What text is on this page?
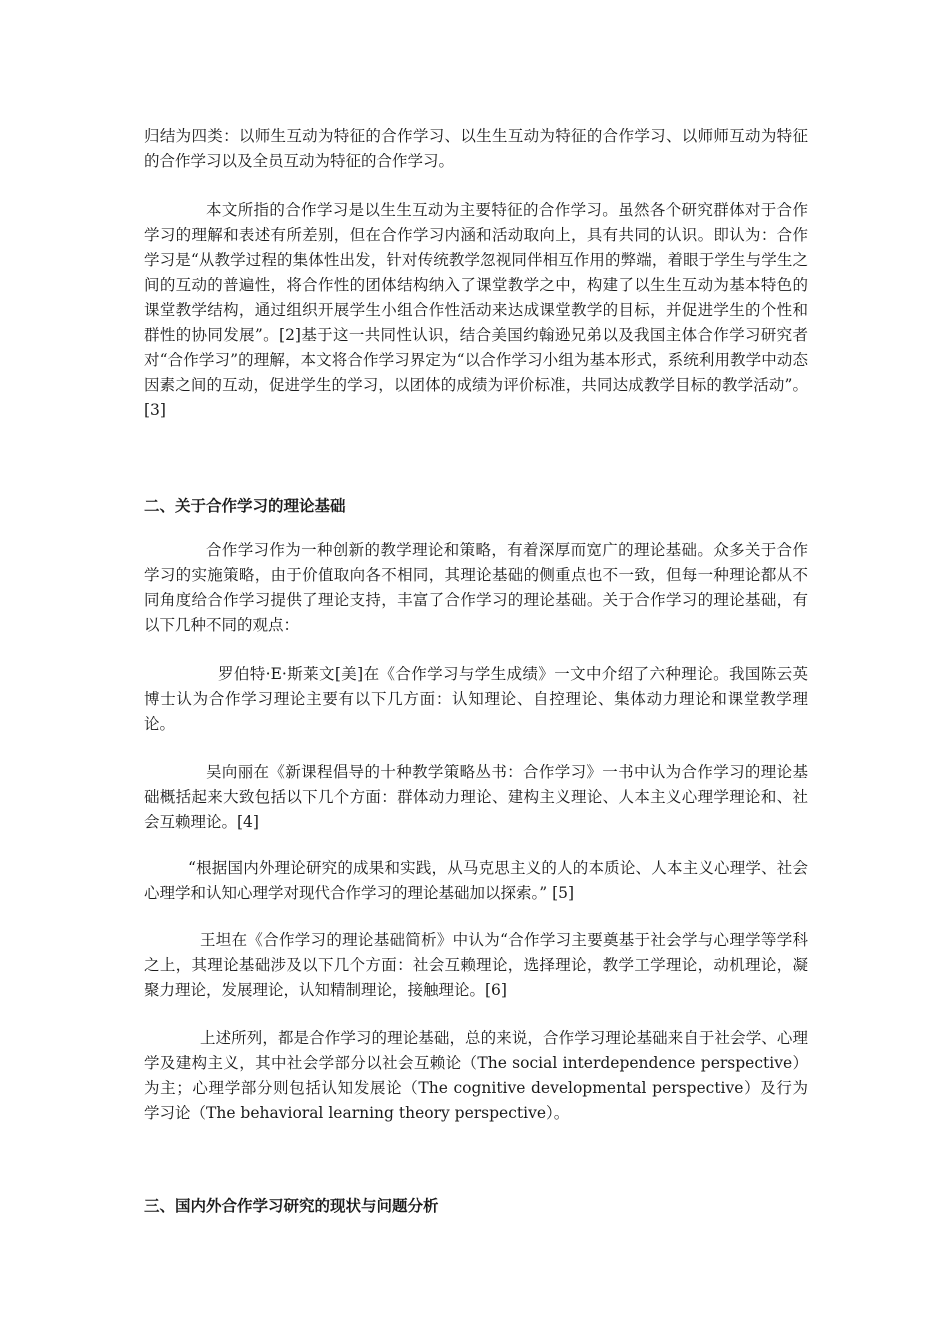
归结为四类：以师生互动为特征的合作学习、以生生互动为特征的合作学习、以师师互动为特征的合作学习以及全员互动为特征的合作学习。
本文所指的合作学习是以生生互动为主要特征的合作学习。虽然各个研究群体对于合作学习的理解和表述有所差别，但在合作学习内涵和活动取向上，具有共同的认识。即认为：合作学习是“从教学过程的集体性出发，针对传统教学忽视同伴相互作用的弊端，着眼于学生与学生之间的互动的普遍性，将合作性的团体结构纳入了课堂教学之中，构建了以生生互动为基本特色的课堂教学结构，通过组织开展学生小组合作性活动来达成课堂教学的目标，并促进学生的个性和群性的协同发展”。[2]基于这一共同性认识，结合美国约翰逊兄弟以及我国主体合作学习研究者对“合作学习”的理解，本文将合作学习界定为“以合作学习小组为基本形式，系统利用教学中动态因素之间的互动，促进学生的学习，以团体的成绩为评价标准，共同达成教学目标的教学活动”。[3]
二、关于合作学习的理论基础
合作学习作为一种创新的教学理论和策略，有着深厚而宽广的理论基础。众多关于合作学习的实施策略，由于价值取向各不相同，其理论基础的侧重点也不一致，但每一种理论都从不同角度给合作学习提供了理论支持，丰富了合作学习的理论基础。关于合作学习的理论基础，有以下几种不同的观点：
罗伯特·E·斯莱文[美]在《合作学习与学生成绩》一文中介绍了六种理论。我国陈云英博士认为合作学习理论主要有以下几方面：认知理论、自控理论、集体动力理论和课堂教学理论。
吴向丽在《新课程倡导的十种教学策略丛书：合作学习》一书中认为合作学习的理论基础概括起来大致包括以下几个方面：群体动力理论、建构主义理论、人本主义心理学理论和、社会互赖理论。[4]
“根据国内外理论研究的成果和实践，从马克思主义的人的本质论、人本主义心理学、社会心理学和认知心理学对现代合作学习的理论基础加以探索。” [5]
王坦在《合作学习的理论基础简析》中认为“合作学习主要奠基于社会学与心理学等学科之上，其理论基础涉及以下几个方面：社会互赖理论，选择理论，教学工学理论，动机理论，凝聚力理论，发展理论，认知精制理论，接触理论。[6]
上述所列，都是合作学习的理论基础，总的来说，合作学习理论基础来自于社会学、心理学及建构主义，其中社会学部分以社会互赖论（The social interdependence perspective）为主；心理学部分则包括认知发展论（The cognitive developmental perspective）及行为学习论（The behavioral learning theory perspective）。
三、国内外合作学习研究的现状与问题分析
